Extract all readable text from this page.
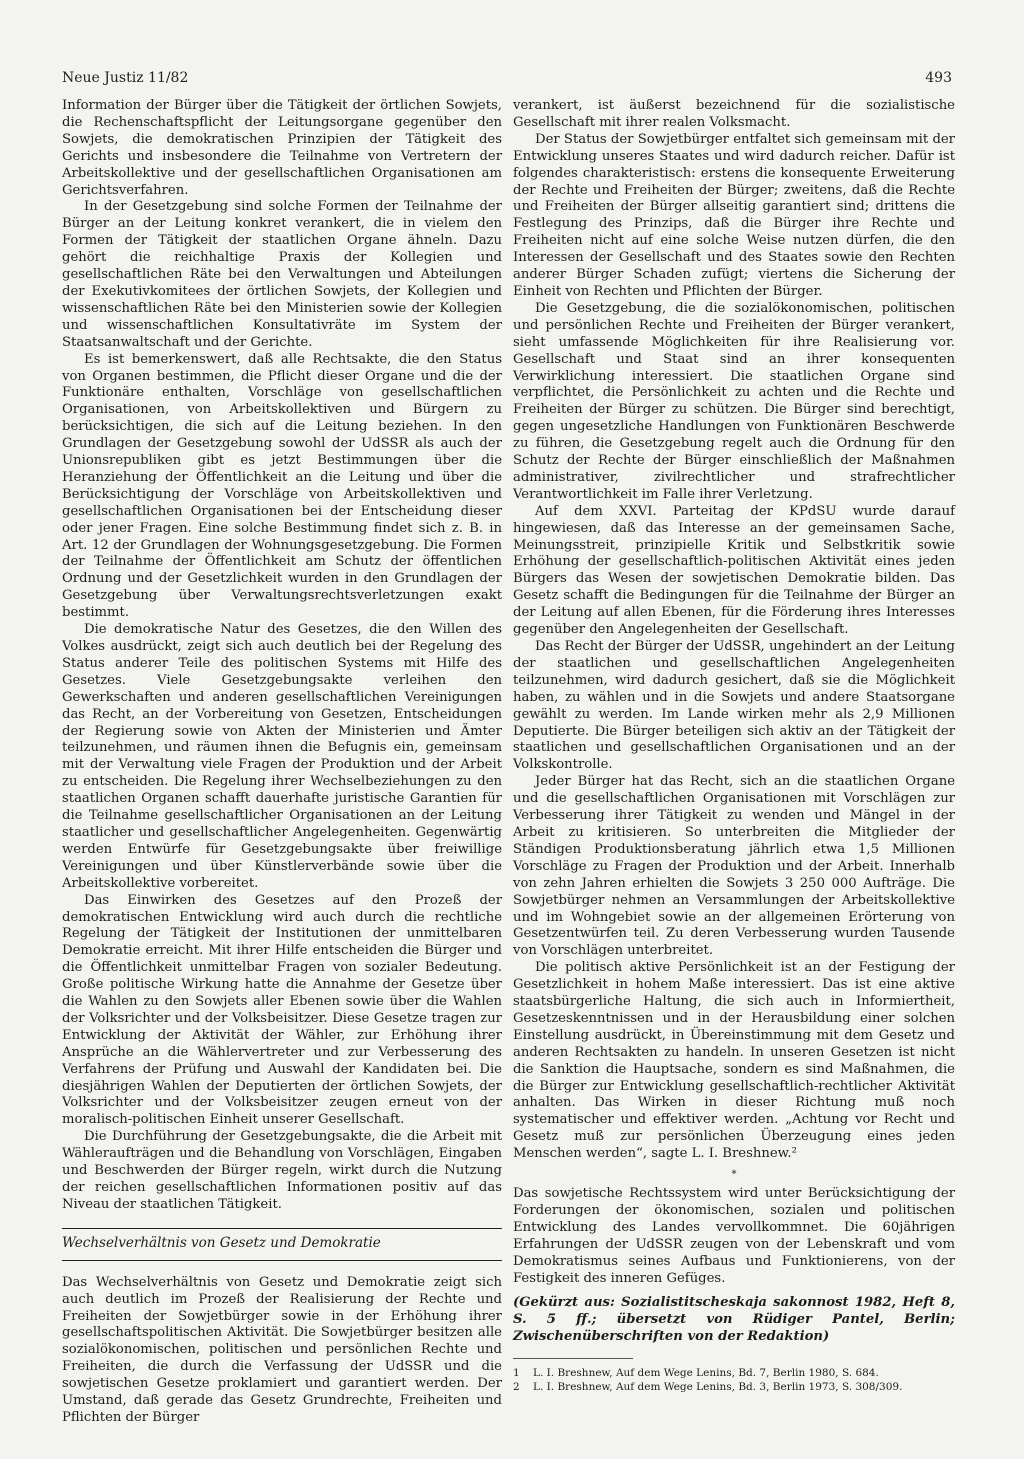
Neue Justiz 11/82	493

Information der Bürger über die Tätigkeit der örtlichen Sowjets, die Rechenschaftspflicht der Leitungsorgane gegenüber den Sowjets, die demokratischen Prinzipien der Tätigkeit des Gerichts und insbesondere die Teilnahme von Vertretern der Arbeitskollektive und der gesellschaftlichen Organisationen am Gerichtsverfahren.

In der Gesetzgebung sind solche Formen der Teilnahme der Bürger an der Leitung konkret verankert, die in vielem den Formen der Tätigkeit der staatlichen Organe ähneln. Dazu gehört die reichhaltige Praxis der Kollegien und gesellschaftlichen Räte bei den Verwaltungen und Abteilungen der Exekutivkomitees der örtlichen Sowjets, der Kollegien und wissenschaftlichen Räte bei den Ministerien sowie der Kollegien und wissenschaftlichen Konsultativräte im System der Staatsanwaltschaft und der Gerichte.

Es ist bemerkenswert, daß alle Rechtsakte, die den Status von Organen bestimmen, die Pflicht dieser Organe und die der Funktionäre enthalten, Vorschläge von gesellschaftlichen Organisationen, von Arbeitskollektiven und Bürgern zu berücksichtigen, die sich auf die Leitung beziehen. In den Grundlagen der Gesetzgebung sowohl der UdSSR als auch der Unionsrepubliken gibt es jetzt Bestimmungen über die Heranziehung der Öffentlichkeit an die Leitung und über die Berücksichtigung der Vorschläge von Arbeitskollektiven und gesellschaftlichen Organisationen bei der Entscheidung dieser oder jener Fragen. Eine solche Bestimmung findet sich z. B. in Art. 12 der Grundlagen der Wohnungsgesetzgebung. Die Formen der Teilnahme der Öffentlichkeit am Schutz der öffentlichen Ordnung und der Gesetzlichkeit wurden in den Grundlagen der Gesetzgebung über Verwaltungsrechtsverletzungen exakt bestimmt.

Die demokratische Natur des Gesetzes, die den Willen des Volkes ausdrückt, zeigt sich auch deutlich bei der Regelung des Status anderer Teile des politischen Systems mit Hilfe des Gesetzes. Viele Gesetzgebungsakte verleihen den Gewerkschaften und anderen gesellschaftlichen Vereinigungen das Recht, an der Vorbereitung von Gesetzen, Entscheidungen der Regierung sowie von Akten der Ministerien und Ämter teilzunehmen, und räumen ihnen die Befugnis ein, gemeinsam mit der Verwaltung viele Fragen der Produktion und der Arbeit zu entscheiden. Die Regelung ihrer Wechselbeziehungen zu den staatlichen Organen schafft dauerhafte juristische Garantien für die Teilnahme gesellschaftlicher Organisationen an der Leitung staatlicher und gesellschaftlicher Angelegenheiten. Gegenwärtig werden Entwürfe für Gesetzgebungsakte über freiwillige Vereinigungen und über Künstlerverbände sowie über die Arbeitskollektive vorbereitet.

Das Einwirken des Gesetzes auf den Prozeß der demokratischen Entwicklung wird auch durch die rechtliche Regelung der Tätigkeit der Institutionen der unmittelbaren Demokratie erreicht. Mit ihrer Hilfe entscheiden die Bürger und die Öffentlichkeit unmittelbar Fragen von sozialer Bedeutung. Große politische Wirkung hatte die Annahme der Gesetze über die Wahlen zu den Sowjets aller Ebenen sowie über die Wahlen der Volksrichter und der Volksbeisitzer. Diese Gesetze tragen zur Entwicklung der Aktivität der Wähler, zur Erhöhung ihrer Ansprüche an die Wählervertreter und zur Verbesserung des Verfahrens der Prüfung und Auswahl der Kandidaten bei. Die diesjährigen Wahlen der Deputierten der örtlichen Sowjets, der Volksrichter und der Volksbeisitzer zeugen erneut von der moralisch-politischen Einheit unserer Gesellschaft.

Die Durchführung der Gesetzgebungsakte, die die Arbeit mit Wähleraufträgen und die Behandlung von Vorschlägen, Eingaben und Beschwerden der Bürger regeln, wirkt durch die Nutzung der reichen gesellschaftlichen Informationen positiv auf das Niveau der staatlichen Tätigkeit.

Wechselverhältnis von Gesetz und Demokratie

Das Wechselverhältnis von Gesetz und Demokratie zeigt sich auch deutlich im Prozeß der Realisierung der Rechte und Freiheiten der Sowjetbürger sowie in der Erhöhung ihrer gesellschaftspolitischen Aktivität. Die Sowjetbürger besitzen alle sozialökonomischen, politischen und persönlichen Rechte und Freiheiten, die durch die Verfassung der UdSSR und die sowjetischen Gesetze proklamiert und garantiert werden. Der Umstand, daß gerade das Gesetz Grundrechte, Freiheiten und Pflichten der Bürger

verankert, ist äußerst bezeichnend für die sozialistische Gesellschaft mit ihrer realen Volksmacht.

Der Status der Sowjetbürger entfaltet sich gemeinsam mit der Entwicklung unseres Staates und wird dadurch reicher. Dafür ist folgendes charakteristisch: erstens die konsequente Erweiterung der Rechte und Freiheiten der Bürger; zweitens, daß die Rechte und Freiheiten der Bürger allseitig garantiert sind; drittens die Festlegung des Prinzips, daß die Bürger ihre Rechte und Freiheiten nicht auf eine solche Weise nutzen dürfen, die den Interessen der Gesellschaft und des Staates sowie den Rechten anderer Bürger Schaden zufügt; viertens die Sicherung der Einheit von Rechten und Pflichten der Bürger.

Die Gesetzgebung, die die sozialökonomischen, politischen und persönlichen Rechte und Freiheiten der Bürger verankert, sieht umfassende Möglichkeiten für ihre Realisierung vor. Gesellschaft und Staat sind an ihrer konsequenten Verwirklichung interessiert. Die staatlichen Organe sind verpflichtet, die Persönlichkeit zu achten und die Rechte und Freiheiten der Bürger zu schützen. Die Bürger sind berechtigt, gegen ungesetzliche Handlungen von Funktionären Beschwerde zu führen, die Gesetzgebung regelt auch die Ordnung für den Schutz der Rechte der Bürger einschließlich der Maßnahmen administrativer, zivilrechtlicher und strafrechtlicher Verantwortlichkeit im Falle ihrer Verletzung.

Auf dem XXVI. Parteitag der KPdSU wurde darauf hingewiesen, daß das Interesse an der gemeinsamen Sache, Meinungsstreit, prinzipielle Kritik und Selbstkritik sowie Erhöhung der gesellschaftlich-politischen Aktivität eines jeden Bürgers das Wesen der sowjetischen Demokratie bilden. Das Gesetz schafft die Bedingungen für die Teilnahme der Bürger an der Leitung auf allen Ebenen, für die Förderung ihres Interesses gegenüber den Angelegenheiten der Gesellschaft.

Das Recht der Bürger der UdSSR, ungehindert an der Leitung der staatlichen und gesellschaftlichen Angelegenheiten teilzunehmen, wird dadurch gesichert, daß sie die Möglichkeit haben, zu wählen und in die Sowjets und andere Staatsorgane gewählt zu werden. Im Lande wirken mehr als 2,9 Millionen Deputierte. Die Bürger beteiligen sich aktiv an der Tätigkeit der staatlichen und gesellschaftlichen Organisationen und an der Volkskontrolle.

Jeder Bürger hat das Recht, sich an die staatlichen Organe und die gesellschaftlichen Organisationen mit Vorschlägen zur Verbesserung ihrer Tätigkeit zu wenden und Mängel in der Arbeit zu kritisieren. So unterbreiten die Mitglieder der Ständigen Produktionsberatung jährlich etwa 1,5 Millionen Vorschläge zu Fragen der Produktion und der Arbeit. Innerhalb von zehn Jahren erhielten die Sowjets 3 250 000 Aufträge. Die Sowjetbürger nehmen an Versammlungen der Arbeitskollektive und im Wohngebiet sowie an der allgemeinen Erörterung von Gesetzentwürfen teil. Zu deren Verbesserung wurden Tausende von Vorschlägen unterbreitet.

Die politisch aktive Persönlichkeit ist an der Festigung der Gesetzlichkeit in hohem Maße interessiert. Das ist eine aktive staatsbürgerliche Haltung, die sich auch in Informiertheit, Gesetzeskenntnissen und in der Herausbildung einer solchen Einstellung ausdrückt, in Übereinstimmung mit dem Gesetz und anderen Rechtsakten zu handeln. In unseren Gesetzen ist nicht die Sanktion die Hauptsache, sondern es sind Maßnahmen, die die Bürger zur Entwicklung gesellschaftlich-rechtlicher Aktivität anhalten. Das Wirken in dieser Richtung muß noch systematischer und effektiver werden. „Achtung vor Recht und Gesetz muß zur persönlichen Überzeugung eines jeden Menschen werden“, sagte L. I. Breshnew.²

*

Das sowjetische Rechtssystem wird unter Berücksichtigung der Forderungen der ökonomischen, sozialen und politischen Entwicklung des Landes vervollkommnet. Die 60jährigen Erfahrungen der UdSSR zeugen von der Lebenskraft und vom Demokratismus seines Aufbaus und Funktionierens, von der Festigkeit des inneren Gefüges.

(Gekürzt aus: Sozialistitscheskaja sakonnost 1982, Heft 8, S. 5 ff.; übersetzt von Rüdiger Pantel, Berlin; Zwischenüberschriften von der Redaktion)

1	L. I. Breshnew, Auf dem Wege Lenins, Bd. 7, Berlin 1980, S. 684.
2	L. I. Breshnew, Auf dem Wege Lenins, Bd. 3, Berlin 1973, S. 308/309.
